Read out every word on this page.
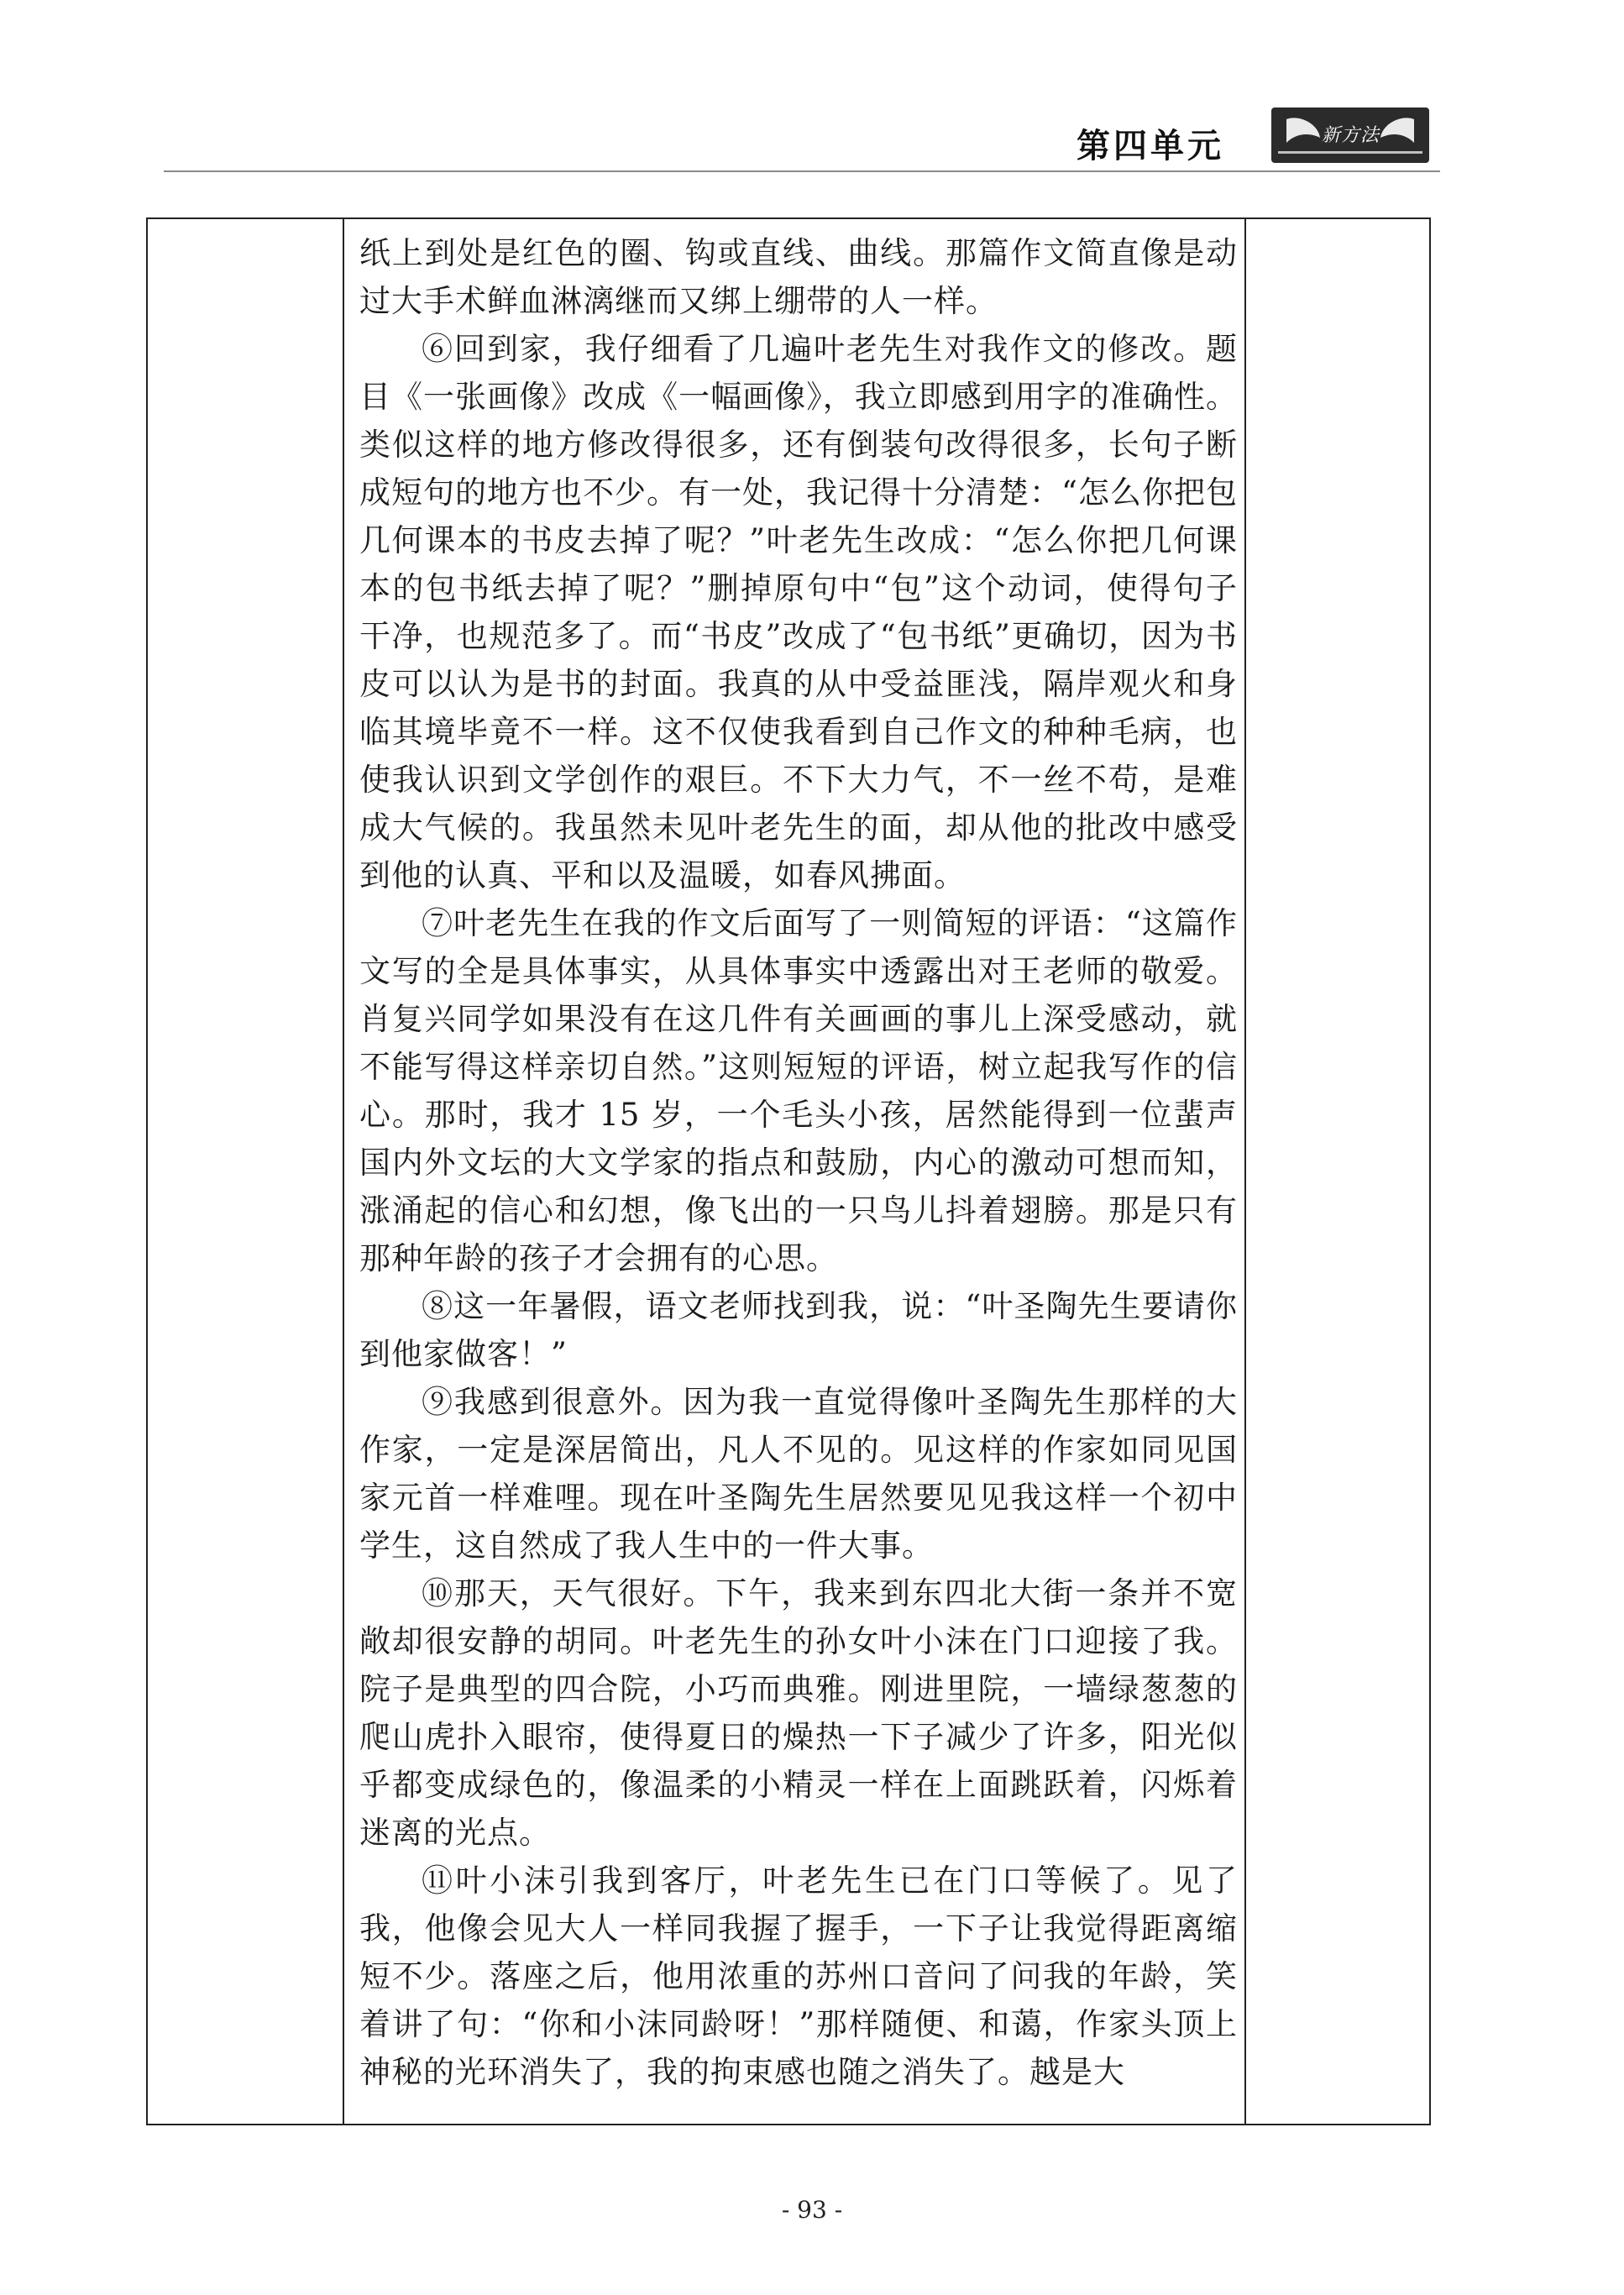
第四单元	新方法

纸上到处是红色的圈、钩或直线、曲线。那篇作文简直像是动过大手术鲜血淋漓继而又绑上绷带的人一样。

⑥回到家，我仔细看了几遍叶老先生对我作文的修改。题目《一张画像》改成《一幅画像》，我立即感到用字的准确性。类似这样的地方修改得很多，还有倒装句改得很多，长句子断成短句的地方也不少。有一处，我记得十分清楚：“怎么你把包几何课本的书皮去掉了呢？”叶老先生改成：“怎么你把几何课本的包书纸去掉了呢？”删掉原句中“包”这个动词，使得句子干净，也规范多了。而“书皮”改成了“包书纸”更确切，因为书皮可以认为是书的封面。我真的从中受益匪浅，隔岸观火和身临其境毕竟不一样。这不仅使我看到自己作文的种种毛病，也使我认识到文学创作的艰巨。不下大力气，不一丝不苟，是难成大气候的。我虽然未见叶老先生的面，却从他的批改中感受到他的认真、平和以及温暖，如春风拂面。

⑦叶老先生在我的作文后面写了一则简短的评语：“这篇作文写的全是具体事实，从具体事实中透露出对王老师的敬爱。肖复兴同学如果没有在这几件有关画画的事儿上深受感动，就不能写得这样亲切自然。”这则短短的评语，树立起我写作的信心。那时，我才 15 岁，一个毛头小孩，居然能得到一位蜚声国内外文坛的大文学家的指点和鼓励，内心的激动可想而知，涨涌起的信心和幻想，像飞出的一只鸟儿抖着翅膀。那是只有那种年龄的孩子才会拥有的心思。

⑧这一年暑假，语文老师找到我，说：“叶圣陶先生要请你到他家做客！”

⑨我感到很意外。因为我一直觉得像叶圣陶先生那样的大作家，一定是深居简出，凡人不见的。见这样的作家如同见国家元首一样难哩。现在叶圣陶先生居然要见见我这样一个初中学生，这自然成了我人生中的一件大事。

⑩那天，天气很好。下午，我来到东四北大街一条并不宽敞却很安静的胡同。叶老先生的孙女叶小沫在门口迎接了我。院子是典型的四合院，小巧而典雅。刚进里院，一墙绿葱葱的爬山虎扑入眼帘，使得夏日的燥热一下子减少了许多，阳光似乎都变成绿色的，像温柔的小精灵一样在上面跳跃着，闪烁着迷离的光点。

⑪叶小沫引我到客厅，叶老先生已在门口等候了。见了我，他像会见大人一样同我握了握手，一下子让我觉得距离缩短不少。落座之后，他用浓重的苏州口音问了问我的年龄，笑着讲了句：“你和小沫同龄呀！”那样随便、和蔼，作家头顶上神秘的光环消失了，我的拘束感也随之消失了。越是大

- 93 -
